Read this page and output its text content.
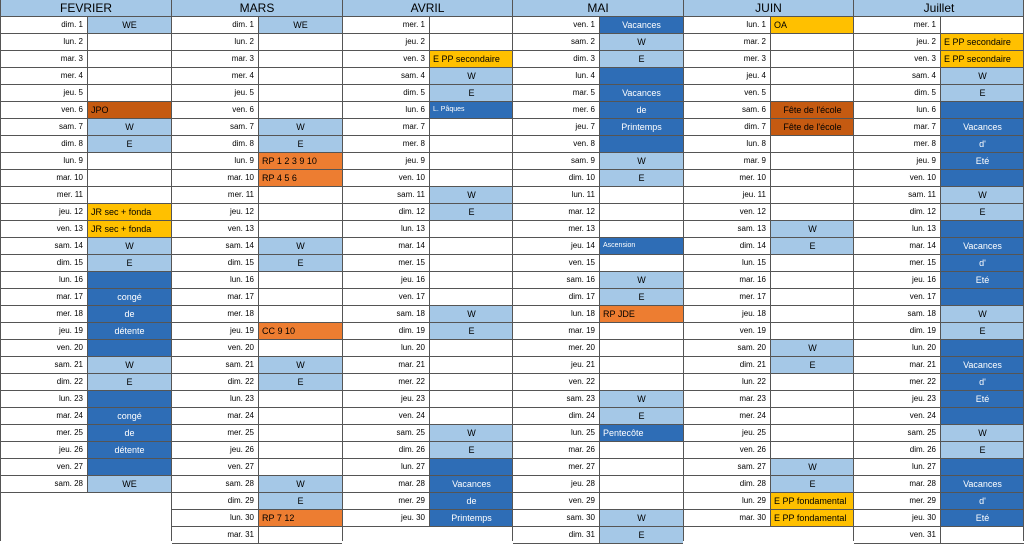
FEVRIER
dim. 1	WE
lun. 2
mar. 3
mer. 4
jeu. 5
ven. 6 JPO
sam. 7	W
dim. 8	E
lun. 9
mar. 10
mer. 11
jeu. 12 JR sec + fonda
ven. 13 JR sec + fonda
sam. 14	W
dim. 15	E
lun. 16
mar. 17	congé
mer. 18	de
jeu. 19	détente
ven. 20
sam. 21	W
dim. 22	E
lun. 23
mar. 24	congé
mer. 25	de
jeu. 26	détente
ven. 27
sam. 28	WE
MARS
dim. 1	WE
lun. 2
mar. 3
mer. 4
jeu. 5
ven. 6
sam. 7	W
dim. 8	E
lun. 9 RP 1 2 3 9 10
mar. 10 RP 4 5 6
mer. 11
jeu. 12
ven. 13
sam. 14	W
dim. 15	E
lun. 16
mar. 17
mer. 18
jeu. 19 CC 9 10
ven. 20
sam. 21	W
dim. 22	E
lun. 23
mar. 24
mer. 25
jeu. 26
ven. 27
sam. 28	W
dim. 29	E
lun. 30 RP 7 12
mar. 31
AVRIL
mer. 1
jeu. 2
ven. 3 E PP secondaire
sam. 4	W
dim. 5	E
lun. 6	L. Pâques
mar. 7
mer. 8
jeu. 9
ven. 10
sam. 11	W
dim. 12	E
lun. 13
mar. 14
mer. 15
jeu. 16
ven. 17
sam. 18	W
dim. 19	E
lun. 20
mar. 21
mer. 22
jeu. 23
ven. 24
sam. 25	W
dim. 26	E
lun. 27
mar. 28	Vacances
mer. 29	de
jeu. 30	Printemps
MAI
ven. 1	Vacances
sam. 2	W
dim. 3	E
lun. 4
mar. 5	Vacances
mer. 6	de
jeu. 7	Printemps
ven. 8
sam. 9	W
dim. 10	E
lun. 11
mar. 12
mer. 13
jeu. 14	Ascension
ven. 15
sam. 16	W
dim. 17	E
lun. 18 RP JDE
mar. 19
mer. 20
jeu. 21
ven. 22
sam. 23	W
dim. 24	E
lun. 25 Pentecôte
mar. 26
mer. 27
jeu. 28
ven. 29
sam. 30	W
dim. 31	E
JUIN
lun. 1 OA
mar. 2
mer. 3
jeu. 4
ven. 5
sam. 6	Fête de l'école
dim. 7	Fête de l'école
lun. 8
mar. 9
mer. 10
jeu. 11
ven. 12
sam. 13	W
dim. 14	E
lun. 15
mar. 16
mer. 17
jeu. 18
ven. 19
sam. 20	W
dim. 21	E
lun. 22
mar. 23
mer. 24
jeu. 25
ven. 26
sam. 27	W
dim. 28	E
lun. 29 E PP fondamental
mar. 30 E PP fondamental
Juillet
mer. 1
jeu. 2 E PP secondaire
ven. 3 E PP secondaire
sam. 4	W
dim. 5	E
lun. 6
mar. 7	Vacances
mer. 8	d'
jeu. 9	Eté
ven. 10
sam. 11	W
dim. 12	E
lun. 13
mar. 14	Vacances
mer. 15	d'
jeu. 16	Eté
ven. 17
sam. 18	W
dim. 19	E
lun. 20
mar. 21	Vacances
mer. 22	d'
jeu. 23	Eté
ven. 24
sam. 25	W
dim. 26	E
lun. 27
mar. 28	Vacances
mer. 29	d'
jeu. 30	Eté
ven. 31
